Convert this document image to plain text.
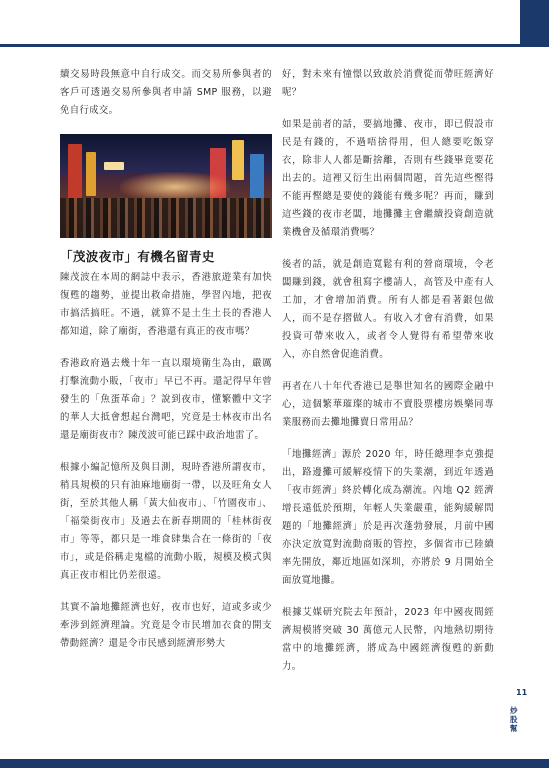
續交易時段無意中自行成交。而交易所參與者的客戶可透過交易所參與者申請 SMP 服務，以避免自行成交。

「茂波夜市」有機名留青史

陳茂波在本周的網誌中表示，香港旅遊業有加快復甦的趨勢，並提出救命措施，學習內地，把夜市搞活搞旺。不過，就算不是土生土長的香港人都知道，除了廟街，香港還有真正的夜市嗎？

香港政府過去幾十年一直以環境衛生為由，嚴厲打擊流動小販，「夜市」早已不再。還記得早年曾發生的「魚蛋革命」？說到夜市，懂繁體中文字的華人大抵會想起台灣吧，究竟是士林夜市出名還是廟街夜市？陳茂波可能已踩中政治地雷了。

根據小編記憶所及與目測，現時香港所謂夜市，稍具規模的只有油麻地廟街一帶，以及旺角女人街，至於其他人稱「黃大仙夜市」、「竹園夜市」、「福榮街夜市」及過去在新春期間的「桂林街夜市」等等，都只是一堆食肆集合在一條街的「夜市」，或是俗稱走鬼檔的流動小販，規模及模式與真正夜市相比仍差很遠。

其實不論地攤經濟也好，夜市也好，這或多或少牽涉到經濟理論。究竟是令市民增加衣食的開支帶動經濟？還是令市民感到經濟形勢大

好，對未來有憧憬以致敢於消費從而帶旺經濟好呢？

如果是前者的話，要搞地攤、夜市，即已假設市民是有錢的，不過唔捨得用，但人總要吃飯穿衣，除非人人都是斷捨離，否則有些錢畢竟要花出去的。這裡又衍生出兩個問題，首先這些慳得不能再慳總是要使的錢能有幾多呢？再而，賺到這些錢的夜市老闆，地攤攤主會繼續投資創造就業機會及循環消費嗎？

後者的話，就是創造寬鬆有利的營商環境，令老闆賺到錢，就會租寫字樓請人，高管及中產有人工加，才會增加消費。所有人都是看著銀包做人，而不是存摺做人。有收入才會有消費，如果投資可帶來收入，或者令人覺得有希望帶來收入，亦自然會促進消費。

再者在八十年代香港已是舉世知名的國際金融中心，這個繁華璀璨的城市不賣股票樓房娛樂同專業服務而去攤地攤賣日常用品？

「地攤經濟」源於 2020 年，時任總理李克強提出，路邊攤可緩解疫情下的失業潮，到近年透過「夜市經濟」終於轉化成為潮流。內地 Q2 經濟增長遠低於預期，年輕人失業嚴重，能夠緩解問題的「地攤經濟」於是再次蓬勃發展，月前中國亦決定放寬對流動商販的管控，多個省市已陸續率先開放，鄰近地區如深圳，亦將於 9 月開始全面放寬地攤。

根據艾媒研究院去年預計，2023 年中國夜間經濟規模將突破 30 萬億元人民幣，內地熱切期待當中的地攤經濟，將成為中國經濟復甦的新動力。

11
炒股幫
